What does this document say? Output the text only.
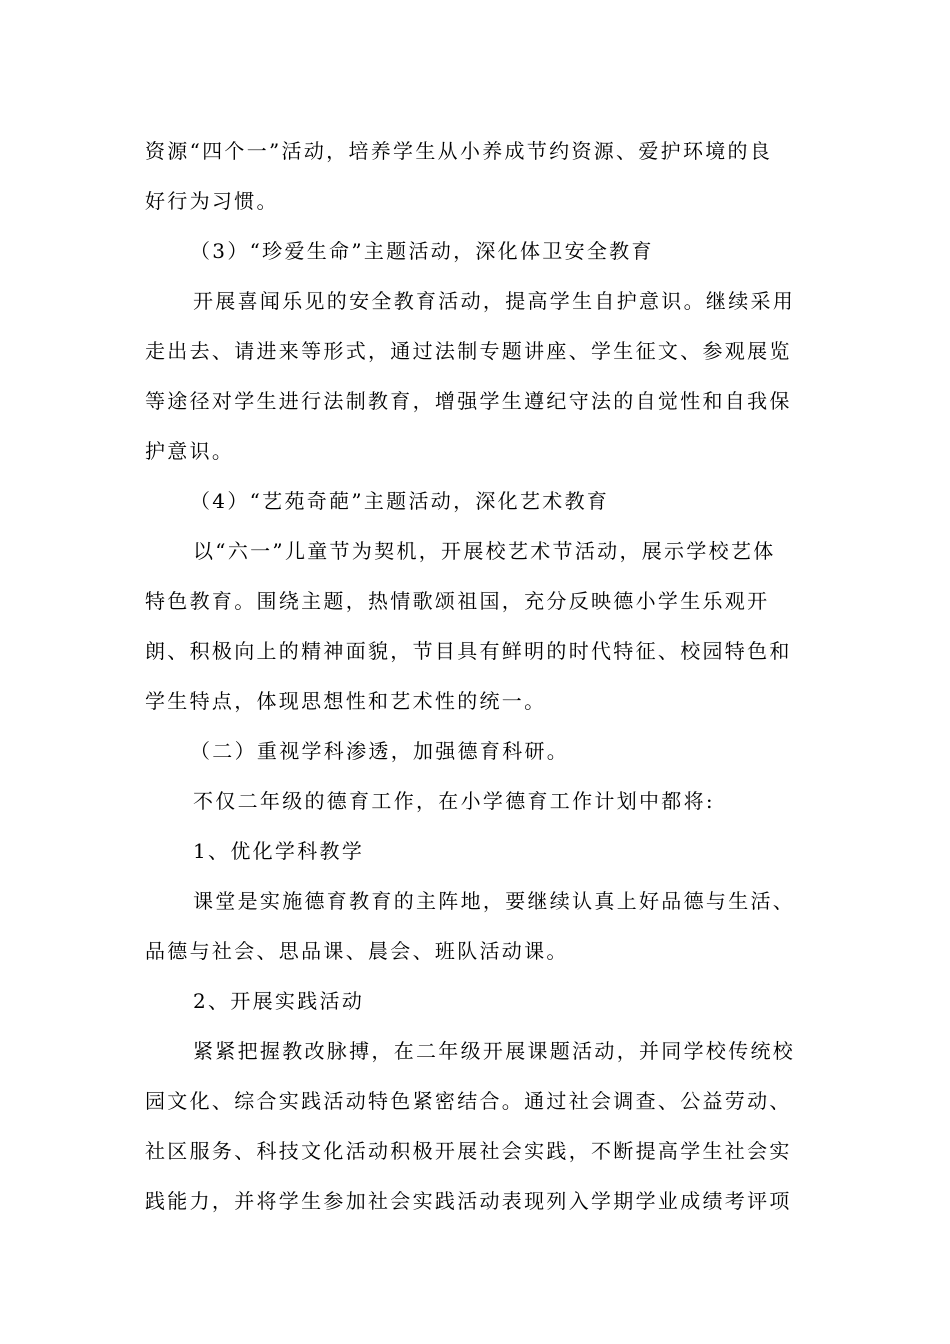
资源“四个一”活动，培养学生从小养成节约资源、爱护环境的良
好行为习惯。
（3）“珍爱生命”主题活动，深化体卫安全教育
开展喜闻乐见的安全教育活动，提高学生自护意识。继续采用
走出去、请进来等形式，通过法制专题讲座、学生征文、参观展览
等途径对学生进行法制教育，增强学生遵纪守法的自觉性和自我保
护意识。
（4）“艺苑奇葩”主题活动，深化艺术教育
以“六一”儿童节为契机，开展校艺术节活动，展示学校艺体
特色教育。围绕主题，热情歌颂祖国，充分反映德小学生乐观开
朗、积极向上的精神面貌，节目具有鲜明的时代特征、校园特色和
学生特点，体现思想性和艺术性的统一。
（二）重视学科渗透，加强德育科研。
不仅二年级的德育工作，在小学德育工作计划中都将:
1、优化学科教学
课堂是实施德育教育的主阵地，要继续认真上好品德与生活、
品德与社会、思品课、晨会、班队活动课。
2、开展实践活动
紧紧把握教改脉搏，在二年级开展课题活动，并同学校传统校
园文化、综合实践活动特色紧密结合。通过社会调查、公益劳动、
社区服务、科技文化活动积极开展社会实践，不断提高学生社会实
践能力，并将学生参加社会实践活动表现列入学期学业成绩考评项
